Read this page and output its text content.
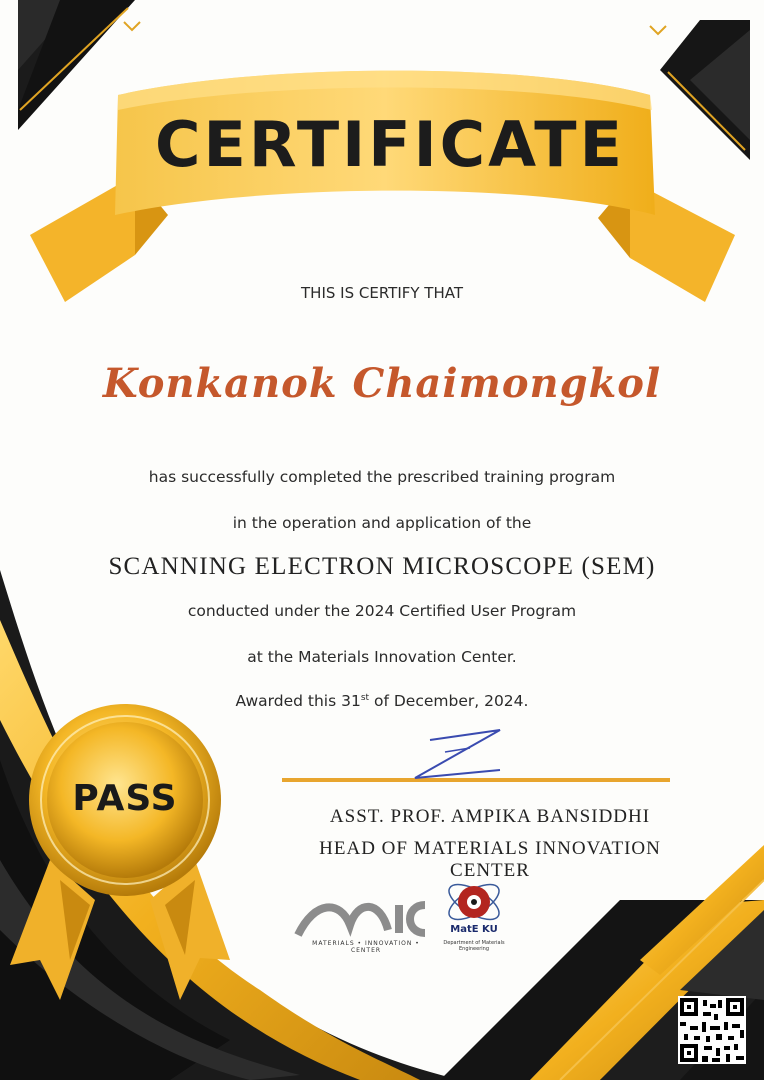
CERTIFICATE
THIS IS CERTIFY THAT
Konkanok Chaimongkol
has successfully completed the prescribed training program
in the operation and application of the
SCANNING ELECTRON MICROSCOPE (SEM)
conducted under the 2024 Certified User Program
at the Materials Innovation Center.
Awarded this 31st of December, 2024.
ASST. PROF. AMPIKA BANSIDDHI
HEAD OF MATERIALS INNOVATION CENTER
PASS
MATERIALS • INNOVATION • CENTER
MatE KU
Department of Materials Engineering
